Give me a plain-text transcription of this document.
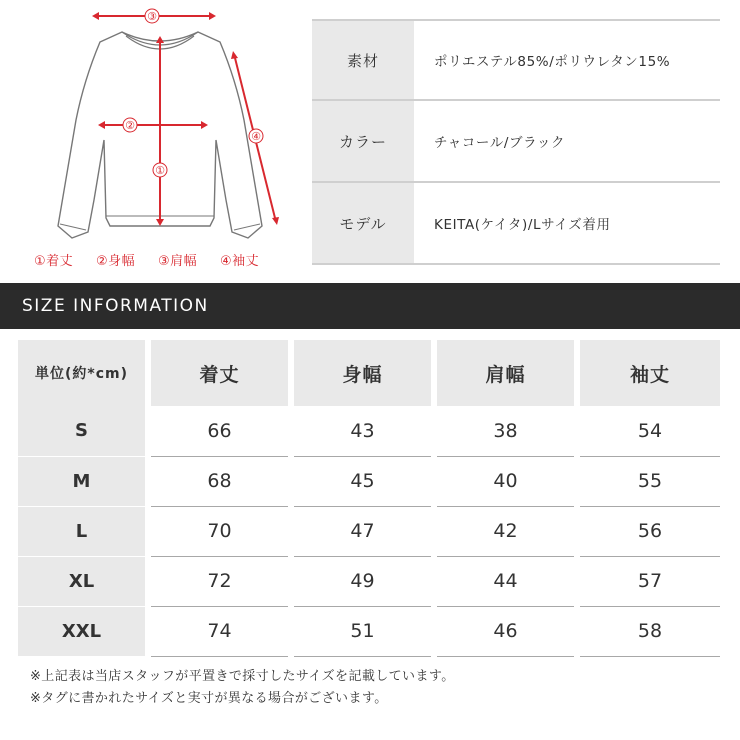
③
①
②
④
①着丈 ②身幅 ③肩幅 ④袖丈
素材	ポリエステル85%/ポリウレタン15%
カラー	チャコール/ブラック
モデル	KEITA(ケイタ)/Lサイズ着用
SIZE INFORMATION
単位(約*cm)	着丈	身幅	肩幅	袖丈
S	66	43	38	54
M	68	45	40	55
L	70	47	42	56
XL	72	49	44	57
XXL	74	51	46	58
※上記表は当店スタッフが平置きで採寸したサイズを記載しています。
※タグに書かれたサイズと実寸が異なる場合がございます。
